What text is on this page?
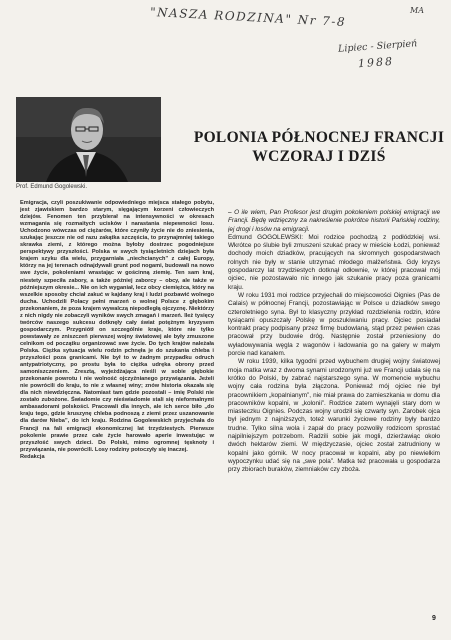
"NASZA RODZINA" Nr 7-8	MA
Lipiec - Sierpień
1988
Prof. Edmund Gogolewski.
POLONIA PÓŁNOCNEJ FRANCJI
WCZORAJ I DZIŚ

Emigracja, czyli poszukiwanie odpowiedniego miejsca stałego pobytu, jest zjawiskiem bardzo starym, sięgającym korzeni człowieczych dziejów. Fenomen ten przybierał na intensywności w okresach wzmagania się rozmaitych ucisków i narastania niepewności losu. Uchodzono wówczas od ciężarów, które czyniły życie nie do zniesienia, szukając jeszcze nie od razu zakątka szczęścia, to przynajmniej takiego skrawka ziemi, z którego można byłoby dostrzec pogodniejsze perspektywy przyszłości. Polska w swych tysiącletnich dziejach była krajem szyku dla wielu, przygarniała „niechcianych” z całej Europy, którzy na jej terenach odnajdywali grunt pod nogami, budowali na nowo swe życie, pokoleniami wrastając w gościnną ziemię. Ten sam kraj, niestety szpeciła zabory, a także później zaborcy – obcy, ale także w późniejszym okresie... Nie on ich wyganiał, lecz obcy ciemiężca, który na wszelkie sposoby chciał zakuć w kajdany kraj i ludzi pozbawić wolnego ducha. Uchodzili Polacy pełni marzeń o wolnej Polsce z głębokim przekonaniem, że poza krajem wywalczą niepodległą ojczyznę. Niektórzy z nich nigdy nie zobaczyli wyników swych zmagań i marzeń. Ileż tysięcy twórców naszego sukcesu dotknęły cały świat potężnym kryzysem gospodarczym. Przygniótł on szczególnie kraje, które nie tylko powstawały ze zniszczeń pierwszej wojny światowej ale były zmuszone celnikom od początku organizować swe życie. Do tych krajów należała Polska. Ciężka sytuacja wielu rodzin pchnęła je do szukania chleba i przyszłości poza granicami. Nie był to w żadnym przypadku odruch antypatriotyczny, po prostu była to ciężka udręka obrony przed samoniszczeniem. Zresztą, wyjeżdżająca nieśli w sobie głębokie przekonanie powrotu i nie wolność ojczyźnianego przywiązania. Jeżeli nie powrócili do kraju, to nie z własnej winy; znów historia okazała się dla nich niewdzięczna. Natomiast tam gdzie pozostali – imię Polski nie zostało zubożone. Świadomie czy nieświadomie stali się nieformalnymi ambasadorami polskości. Pracowali dla innych, ale ich serce biło „do kraju tego, gdzie kruszynę chleba podnoszą z ziemi przez uszanowanie dla darów Nieba”, do ich kraju. Rodzina Gogolewskich przyjechała do Francji na fali emigracji ekonomicznej lat trzydziestych. Pierwsze pokolenie prawie przez całe życie harowało aperie inwestując w przyszłość swych dzieci. Do Polski, mimo ogromnej tęsknoty i przywiązania, nie powrócili. Losy rodziny potoczyły się inaczej.

Redakcja

– O ile wiem, Pan Profesor jest drugim pokoleniem polskiej emigracji we Francji. Będę wdzięczny za nakreślenie pokrótce historii Pańskiej rodziny, jej drogi i losów na emigracji.

Edmund GOGOLEWSKI: Moi rodzice pochodzą z podłódzkiej wsi. Wkrótce po ślubie byli zmuszeni szukać pracy w mieście Łodzi, ponieważ dochody moich dziadków, pracujących na skromnych gospodarstwach rolnych nie były w stanie utrzymać młodego małżeństwa. Gdy kryzys gospodarczy lat trzydziestych dotknął odłownie, w której pracował mój ojciec, nie pozostawało nic innego jak szukanie pracy poza granicami kraju.

W roku 1931 moi rodzice przyjechali do miejscowości Oignies (Pas de Calais) w północnej Francji, pozostawiając w Polsce u dziadków swego czteroletniego syna. Był to klasyczny przykład rozdzielenia rodzin, które tysiącami opuszczały Polskę w poszukiwaniu pracy. Ojciec posiadał kontrakt pracy podpisany przez firmę budowlaną, stąd przez pewien czas pracował przy budowie dróg. Następnie został przeniesiony do wyładowywania węgla z wagonów i ładowania go na galery w małym porcie nad kanałem.

W roku 1939, kilka tygodni przed wybuchem drugiej wojny światowej moja matka wraz z dwoma synami urodzonymi już we Francji udała się na krótko do Polski, by zabrać najstarszego syna. W momencie wybuchu wojny cała rodzina była złączona. Ponieważ mój ojciec nie był pracownikiem „kopalnianym”, nie miał prawa do zamieszkania w domu dla pracowników kopalni, w „koloniі”. Rodzice zatem wynajęli stary dom w miasteczku Oignies. Podczas wojny urodził się czwarty syn. Zarobek ojca był jednym z najniższych, toteż warunki życiowe rodziny były bardzo trudne. Tylko silna wola i zapał do pracy pozwoliły rodzicom sprostać najpilniejszym potrzebom. Radzili sobie jak mogli, dzierżawiąc około dwóch hektarów ziemi. W międzyczasie, ojciec został zatrudniony w kopalni jako górnik. W nocy pracował w kopalni, aby po niewielkim wypoczynku udać się na „swe pola”. Matka też pracowała u gospodarza przy zbiorach buraków, ziemniaków czy zboża.

9
